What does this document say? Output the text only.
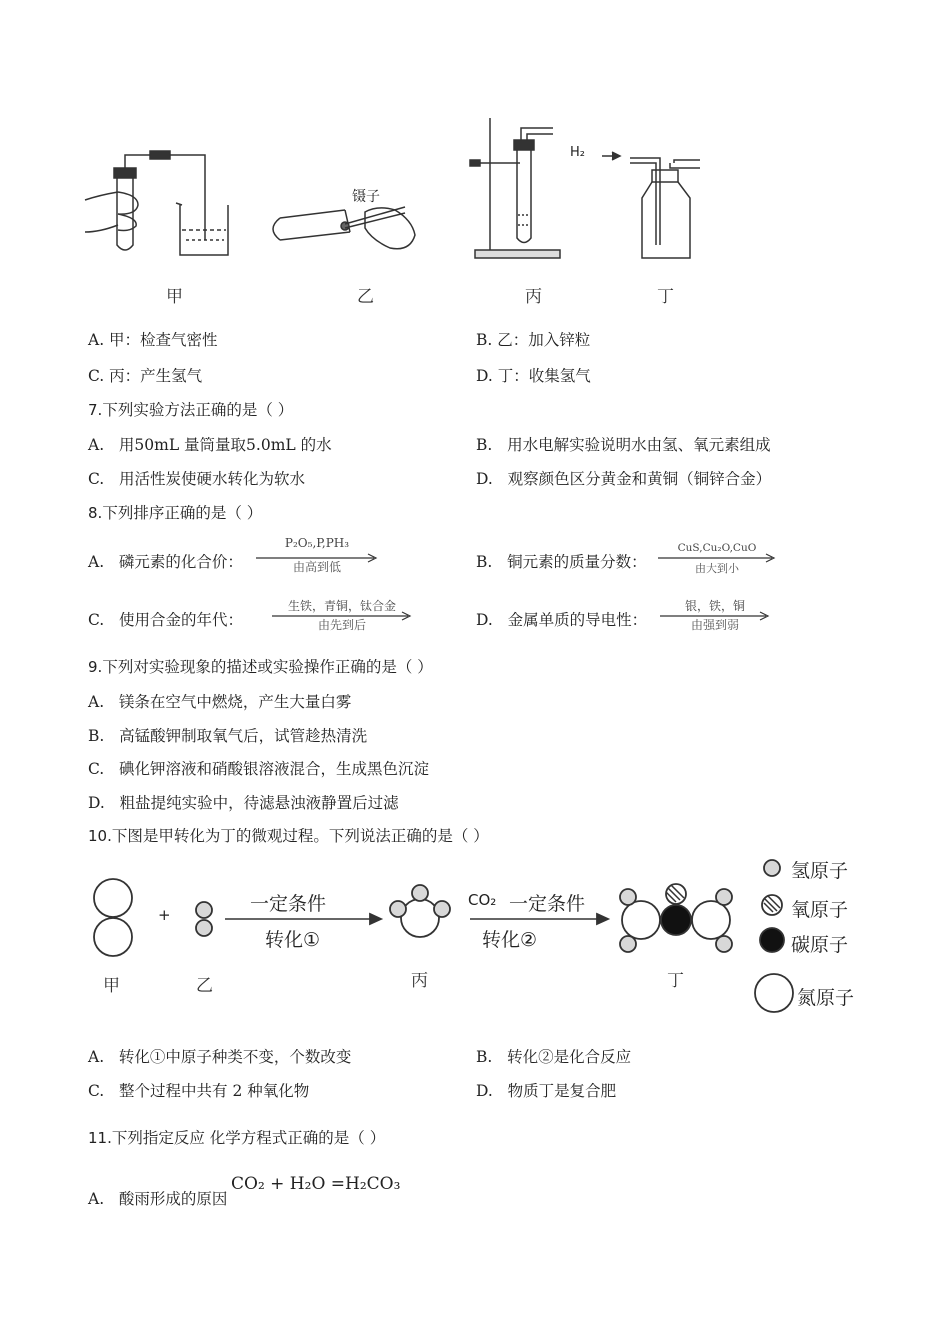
镊子
H₂
甲	乙	丙	丁
A. 甲：检查气密性	B. 乙：加入锌粒
C. 丙：产生氢气	D. 丁：收集氢气
7.下列实验方法正确的是（ ）
A. 用50mL 量筒量取5.0mL 的水	B. 用水电解实验说明水由氢、氧元素组成
C. 用活性炭使硬水转化为软水	D. 观察颜色区分黄金和黄铜（铜锌合金）
8.下列排序正确的是（ ）
A. 磷元素的化合价：
P₂O₅,P,PH₃
由高到低	B. 铜元素的质量分数：
CuS,Cu₂O,CuO
由大到小
C. 使用合金的年代：
生铁，青铜，钛合金
由先到后	D. 金属单质的导电性：
银，铁，铜
由强到弱
9.下列对实验现象的描述或实验操作正确的是（ ）
A. 镁条在空气中燃烧，产生大量白雾
B. 高锰酸钾制取氧气后，试管趁热清洗
C. 碘化钾溶液和硝酸银溶液混合，生成黑色沉淀
D. 粗盐提纯实验中，待滤悬浊液静置后过滤
10.下图是甲转化为丁的微观过程。下列说法正确的是（ ）
+	一定条件
转化①
CO₂ 一定条件
转化②
甲	乙	丙	丁
氢原子
氧原子
碳原子
氮原子
A. 转化①中原子种类不变，个数改变	B. 转化②是化合反应
C. 整个过程中共有 2 种氧化物	D. 物质丁是复合肥
11.下列指定反应 化学方程式正确的是（ ）
A. 酸雨形成的原因
CO₂ + H₂O =H₂CO₃
